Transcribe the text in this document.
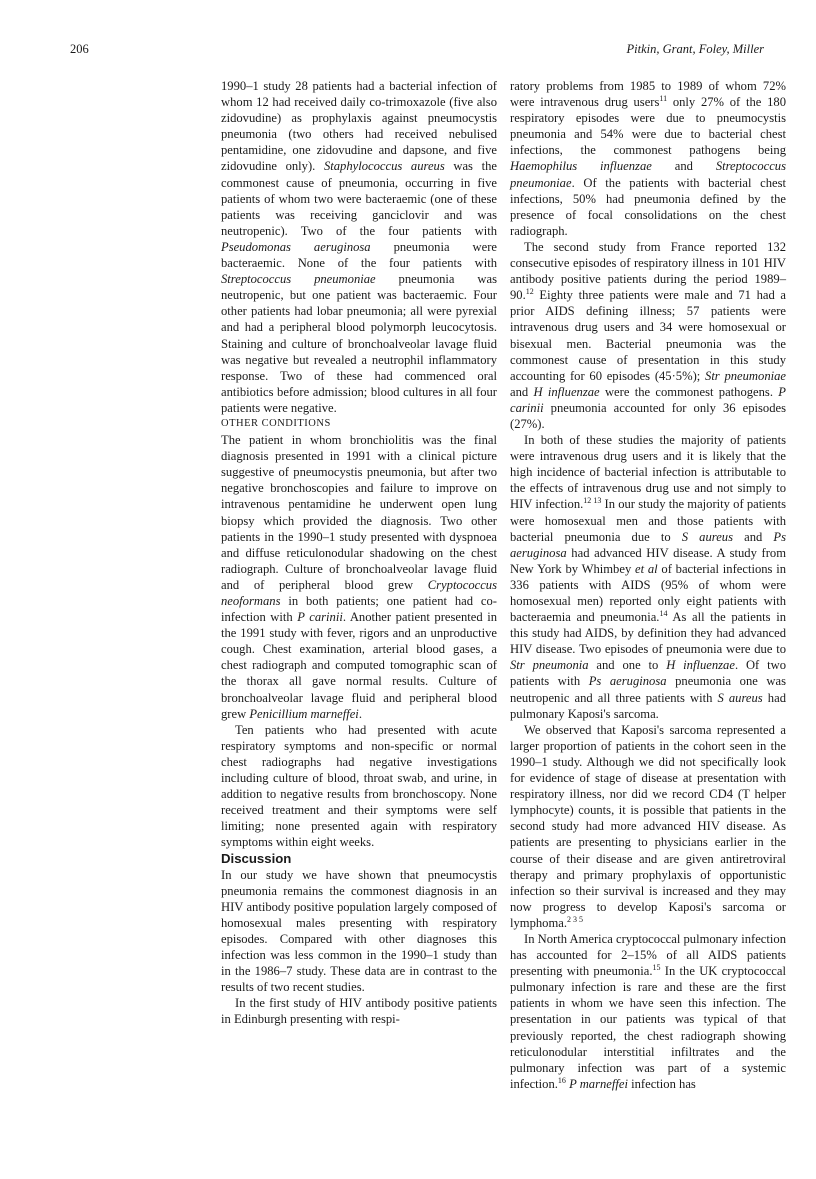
206	Pitkin, Grant, Foley, Miller

1990–1 study 28 patients had a bacterial infection of whom 12 had received daily co-trimoxazole (five also zidovudine) as prophylaxis against pneumocystis pneumonia (two others had received nebulised pentamidine, one zidovudine and dapsone, and five zidovudine only). Staphylococcus aureus was the commonest cause of pneumonia, occurring in five patients of whom two were bacteraemic (one of these patients was receiving ganciclovir and was neutropenic). Two of the four patients with Pseudomonas aeruginosa pneumonia were bacteraemic. None of the four patients with Streptococcus pneumoniae pneumonia was neutropenic, but one patient was bacteraemic. Four other patients had lobar pneumonia; all were pyrexial and had a peripheral blood polymorph leucocytosis. Staining and culture of bronchoalveolar lavage fluid was negative but revealed a neutrophil inflammatory response. Two of these had commenced oral antibiotics before admission; blood cultures in all four patients were negative.

OTHER CONDITIONS

The patient in whom bronchiolitis was the final diagnosis presented in 1991 with a clinical picture suggestive of pneumocystis pneumonia, but after two negative bronchoscopies and failure to improve on intravenous pentamidine he underwent open lung biopsy which provided the diagnosis. Two other patients in the 1990–1 study presented with dyspnoea and diffuse reticulonodular shadowing on the chest radiograph. Culture of bronchoalveolar lavage fluid and of peripheral blood grew Cryptococcus neoformans in both patients; one patient had co-infection with P carinii. Another patient presented in the 1991 study with fever, rigors and an unproductive cough. Chest examination, arterial blood gases, a chest radiograph and computed tomographic scan of the thorax all gave normal results. Culture of bronchoalveolar lavage fluid and peripheral blood grew Penicillium marneffei.

Ten patients who had presented with acute respiratory symptoms and non-specific or normal chest radiographs had negative investigations including culture of blood, throat swab, and urine, in addition to negative results from bronchoscopy. None received treatment and their symptoms were self limiting; none presented again with respiratory symptoms within eight weeks.

Discussion

In our study we have shown that pneumocystis pneumonia remains the commonest diagnosis in an HIV antibody positive population largely composed of homosexual males presenting with respiratory episodes. Compared with other diagnoses this infection was less common in the 1990–1 study than in the 1986–7 study. These data are in contrast to the results of two recent studies.

In the first study of HIV antibody positive patients in Edinburgh presenting with respi-

ratory problems from 1985 to 1989 of whom 72% were intravenous drug users$^{11}$ only 27% of the 180 respiratory episodes were due to pneumocystis pneumonia and 54% were due to bacterial chest infections, the commonest pathogens being Haemophilus influenzae and Streptococcus pneumoniae. Of the patients with bacterial chest infections, 50% had pneumonia defined by the presence of focal consolidations on the chest radiograph.

The second study from France reported 132 consecutive episodes of respiratory illness in 101 HIV antibody positive patients during the period 1989–90.12 Eighty three patients were male and 71 had a prior AIDS defining illness; 57 patients were intravenous drug users and 34 were homosexual or bisexual men. Bacterial pneumonia was the commonest cause of presentation in this study accounting for 60 episodes (45·5%); Str pneumoniae and H influenzae were the commonest pathogens. P carinii pneumonia accounted for only 36 episodes (27%).

In both of these studies the majority of patients were intravenous drug users and it is likely that the high incidence of bacterial infection is attributable to the effects of intravenous drug use and not simply to HIV infection.$^{12 13}$ In our study the majority of patients were homosexual men and those patients with bacterial pneumonia due to S aureus and Ps aeruginosa had advanced HIV disease. A study from New York by Whimbey et al of bacterial infections in 336 patients with AIDS (95% of whom were homosexual men) reported only eight patients with bacteraemia and pneumonia.$^{14}$ As all the patients in this study had AIDS, by definition they had advanced HIV disease. Two episodes of pneumonia were due to Str pneumonia and one to H influenzae. Of two patients with Ps aeruginosa pneumonia one was neutropenic and all three patients with S aureus had pulmonary Kaposi's sarcoma.

We observed that Kaposi's sarcoma represented a larger proportion of patients in the cohort seen in the 1990–1 study. Although we did not specifically look for evidence of stage of disease at presentation with respiratory illness, nor did we record CD4 (T helper lymphocyte) counts, it is possible that patients in the second study had more advanced HIV disease. As patients are presenting to physicians earlier in the course of their disease and are given antiretroviral therapy and primary prophylaxis of opportunistic infection so their survival is increased and they may now progress to develop Kaposi's sarcoma or lymphoma.$^{2 3 5}$

In North America cryptococcal pulmonary infection has accounted for 2–15% of all AIDS patients presenting with pneumonia.$^{15}$ In the UK cryptococcal pulmonary infection is rare and these are the first patients in whom we have seen this infection. The presentation in our patients was typical of that previously reported, the chest radiograph showing reticulonodular interstitial infiltrates and the pulmonary infection was part of a systemic infection.$^{16}$ P marneffei infection has
